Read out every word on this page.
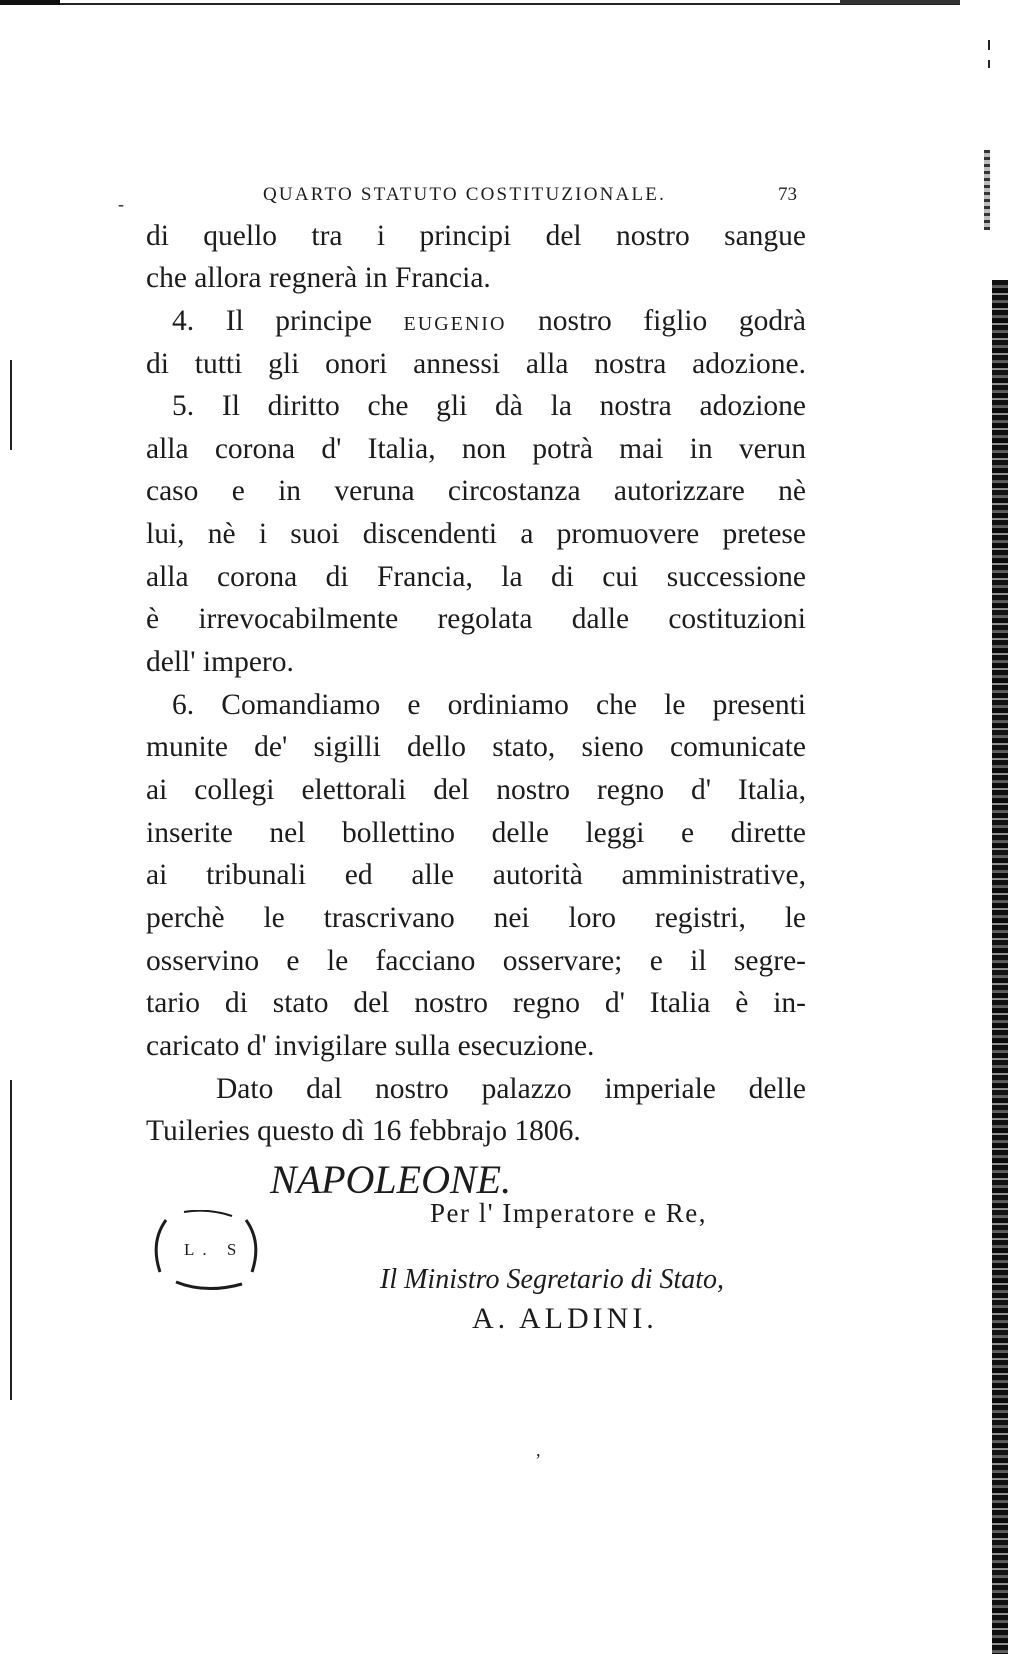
-	QUARTO STATUTO COSTITUZIONALE.	73
di quello tra i principi del nostro sangue
che allora regnerà in Francia.
4. Il principe EUGENIO nostro figlio godrà
di tutti gli onori annessi alla nostra adozione.
5. Il diritto che gli dà la nostra adozione
alla corona d' Italia, non potrà mai in verun
caso e in veruna circostanza autorizzare nè
lui, nè i suoi discendenti a promuovere pretese
alla corona di Francia, la di cui successione
è irrevocabilmente regolata dalle costituzioni
dell' impero.
6. Comandiamo e ordiniamo che le presenti
munite de' sigilli dello stato, sieno comunicate
ai collegi elettorali del nostro regno d' Italia,
inserite nel bollettino delle leggi e dirette
ai tribunali ed alle autorità amministrative,
perchè le trascrivano nei loro registri, le
osservino e le facciano osservare; e il segre-
tario di stato del nostro regno d' Italia è in-
caricato d' invigilare sulla esecuzione.
Dato dal nostro palazzo imperiale delle
Tuileries questo dì 16 febbrajo 1806.
NAPOLEONE.
Per l' Imperatore e Re,
L. S
Il Ministro Segretario di Stato,
A. ALDINI.
,
